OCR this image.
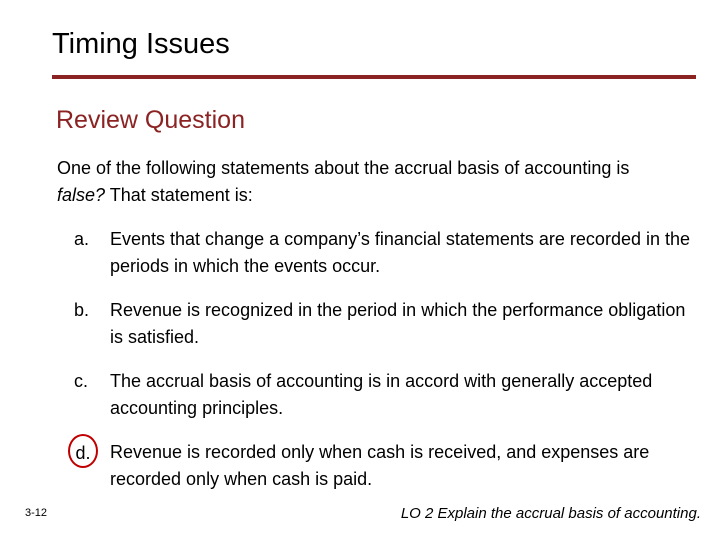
Timing Issues
Review Question

One of the following statements about the accrual basis of accounting is false? That statement is:

a.	Events that change a company’s financial statements are recorded in the periods in which the events occur.
b.	Revenue is recognized in the period in which the performance obligation is satisfied.
c.	The accrual basis of accounting is in accord with generally accepted accounting principles.
d.	Revenue is recorded only when cash is received, and expenses are recorded only when cash is paid.
3-12	LO 2 Explain the accrual basis of accounting.
